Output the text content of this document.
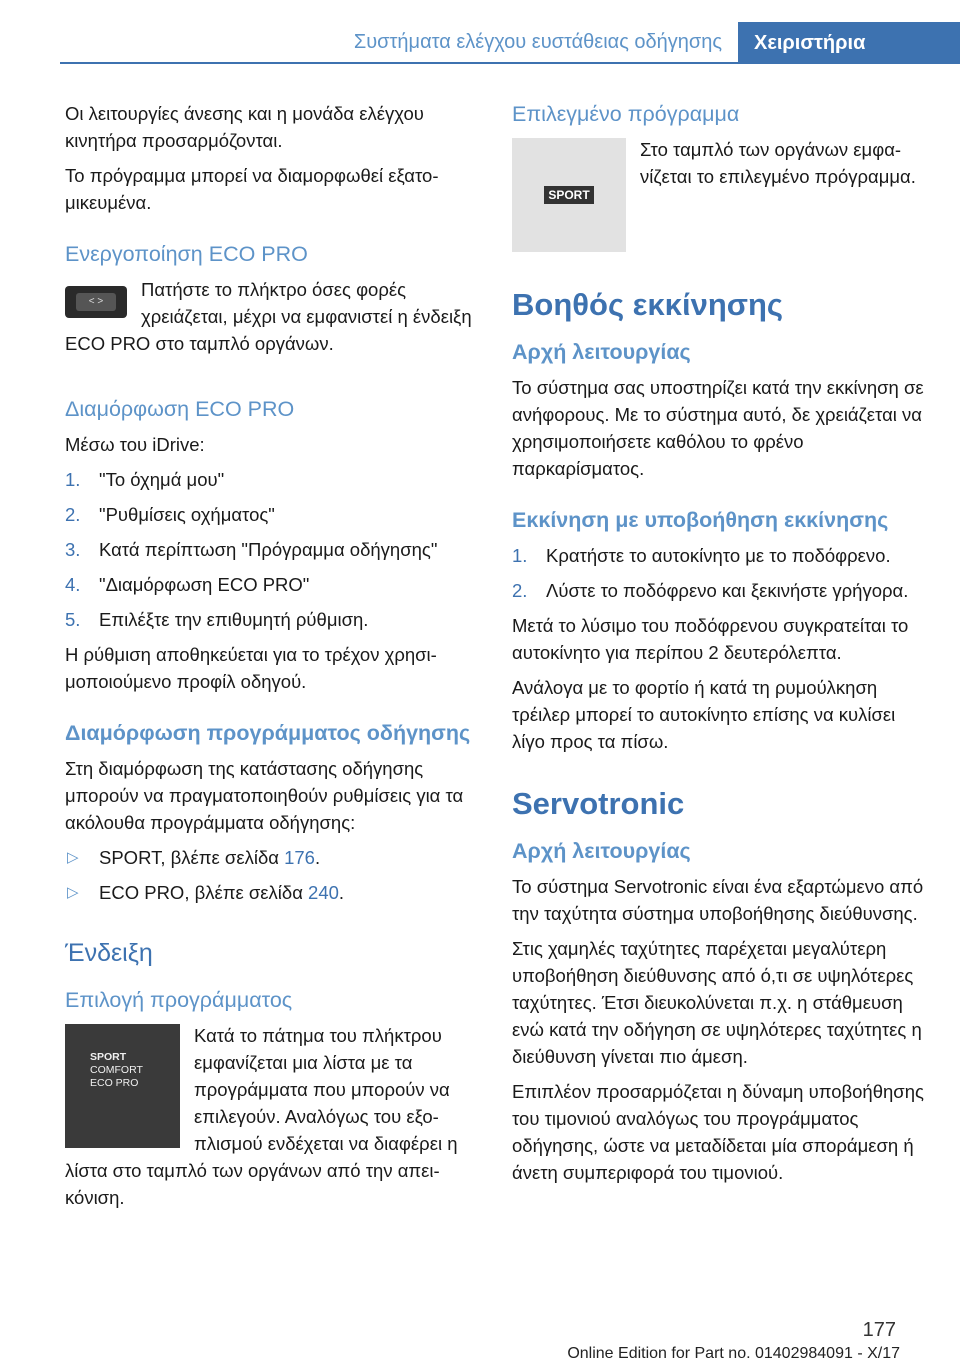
Συστήματα ελέγχου ευστάθειας οδήγησης	Χειριστήρια

Οι λειτουργίες άνεσης και η μονάδα ελέγχου κινητήρα προσαρμόζονται.

Το πρόγραμμα μπορεί να διαμορφωθεί εξατομικευμένα.

Ενεργοποίηση ECO PRO
< >

Πατήστε το πλήκτρο όσες φορές χρειάζεται, μέχρι να εμφανιστεί η ένδειξη ECO PRO στο ταμπλό οργάνων.

Διαμόρφωση ECO PRO

Μέσω του iDrive:

1. "Το όχημά μου"
2. "Ρυθμίσεις οχήματος"
3. Κατά περίπτωση "Πρόγραμμα οδήγησης"
4. "Διαμόρφωση ECO PRO"
5. Επιλέξτε την επιθυμητή ρύθμιση.

Η ρύθμιση αποθηκεύεται για το τρέχον χρησιμοποιούμενο προφίλ οδηγού.

Διαμόρφωση προγράμματος οδήγησης

Στη διαμόρφωση της κατάστασης οδήγησης μπορούν να πραγματοποιηθούν ρυθμίσεις για τα ακόλουθα προγράμματα οδήγησης:

▷ SPORT, βλέπε σελίδα 176.
▷ ECO PRO, βλέπε σελίδα 240.
Ένδειξη
Επιλογή προγράμματος
SPORT
COMFORT
ECO PRO

Κατά το πάτημα του πλήκτρου εμφανίζεται μια λίστα με τα προγράμματα που μπορούν να επιλεγούν. Αναλόγως του εξοπλισμού ενδέχεται να διαφέρει η λίστα στο ταμπλό των οργάνων από την απεικόνιση.

Επιλεγμένο πρόγραμμα
SPORT

Στο ταμπλό των οργάνων εμφανίζεται το επιλεγμένο πρόγραμμα.

Βοηθός εκκίνησης
Αρχή λειτουργίας

Το σύστημα σας υποστηρίζει κατά την εκκίνηση σε ανήφορους. Με το σύστημα αυτό, δε χρειάζεται να χρησιμοποιήσετε καθόλου το φρένο παρκαρίσματος.

Εκκίνηση με υποβοήθηση εκκίνησης
1. Κρατήστε το αυτοκίνητο με το ποδόφρενο.
2. Λύστε το ποδόφρενο και ξεκινήστε γρήγορα.

Μετά το λύσιμο του ποδόφρενου συγκρατείται το αυτοκίνητο για περίπου 2 δευτερόλεπτα.

Ανάλογα με το φορτίο ή κατά τη ρυμούλκηση τρέιλερ μπορεί το αυτοκίνητο επίσης να κυλίσει λίγο προς τα πίσω.

Servotronic
Αρχή λειτουργίας

Το σύστημα Servotronic είναι ένα εξαρτώμενο από την ταχύτητα σύστημα υποβοήθησης διεύθυνσης.

Στις χαμηλές ταχύτητες παρέχεται μεγαλύτερη υποβοήθηση διεύθυνσης από ό,τι σε υψηλότερες ταχύτητες. Έτσι διευκολύνεται π.χ. η στάθμευση ενώ κατά την οδήγηση σε υψηλότερες ταχύτητες η διεύθυνση γίνεται πιο άμεση.

Επιπλέον προσαρμόζεται η δύναμη υποβοήθησης του τιμονιού αναλόγως του προγράμματος οδήγησης, ώστε να μεταδίδεται μία σποράμεση ή άνετη συμπεριφορά του τιμονιού.

177
Online Edition for Part no. 01402984091 - X/17
